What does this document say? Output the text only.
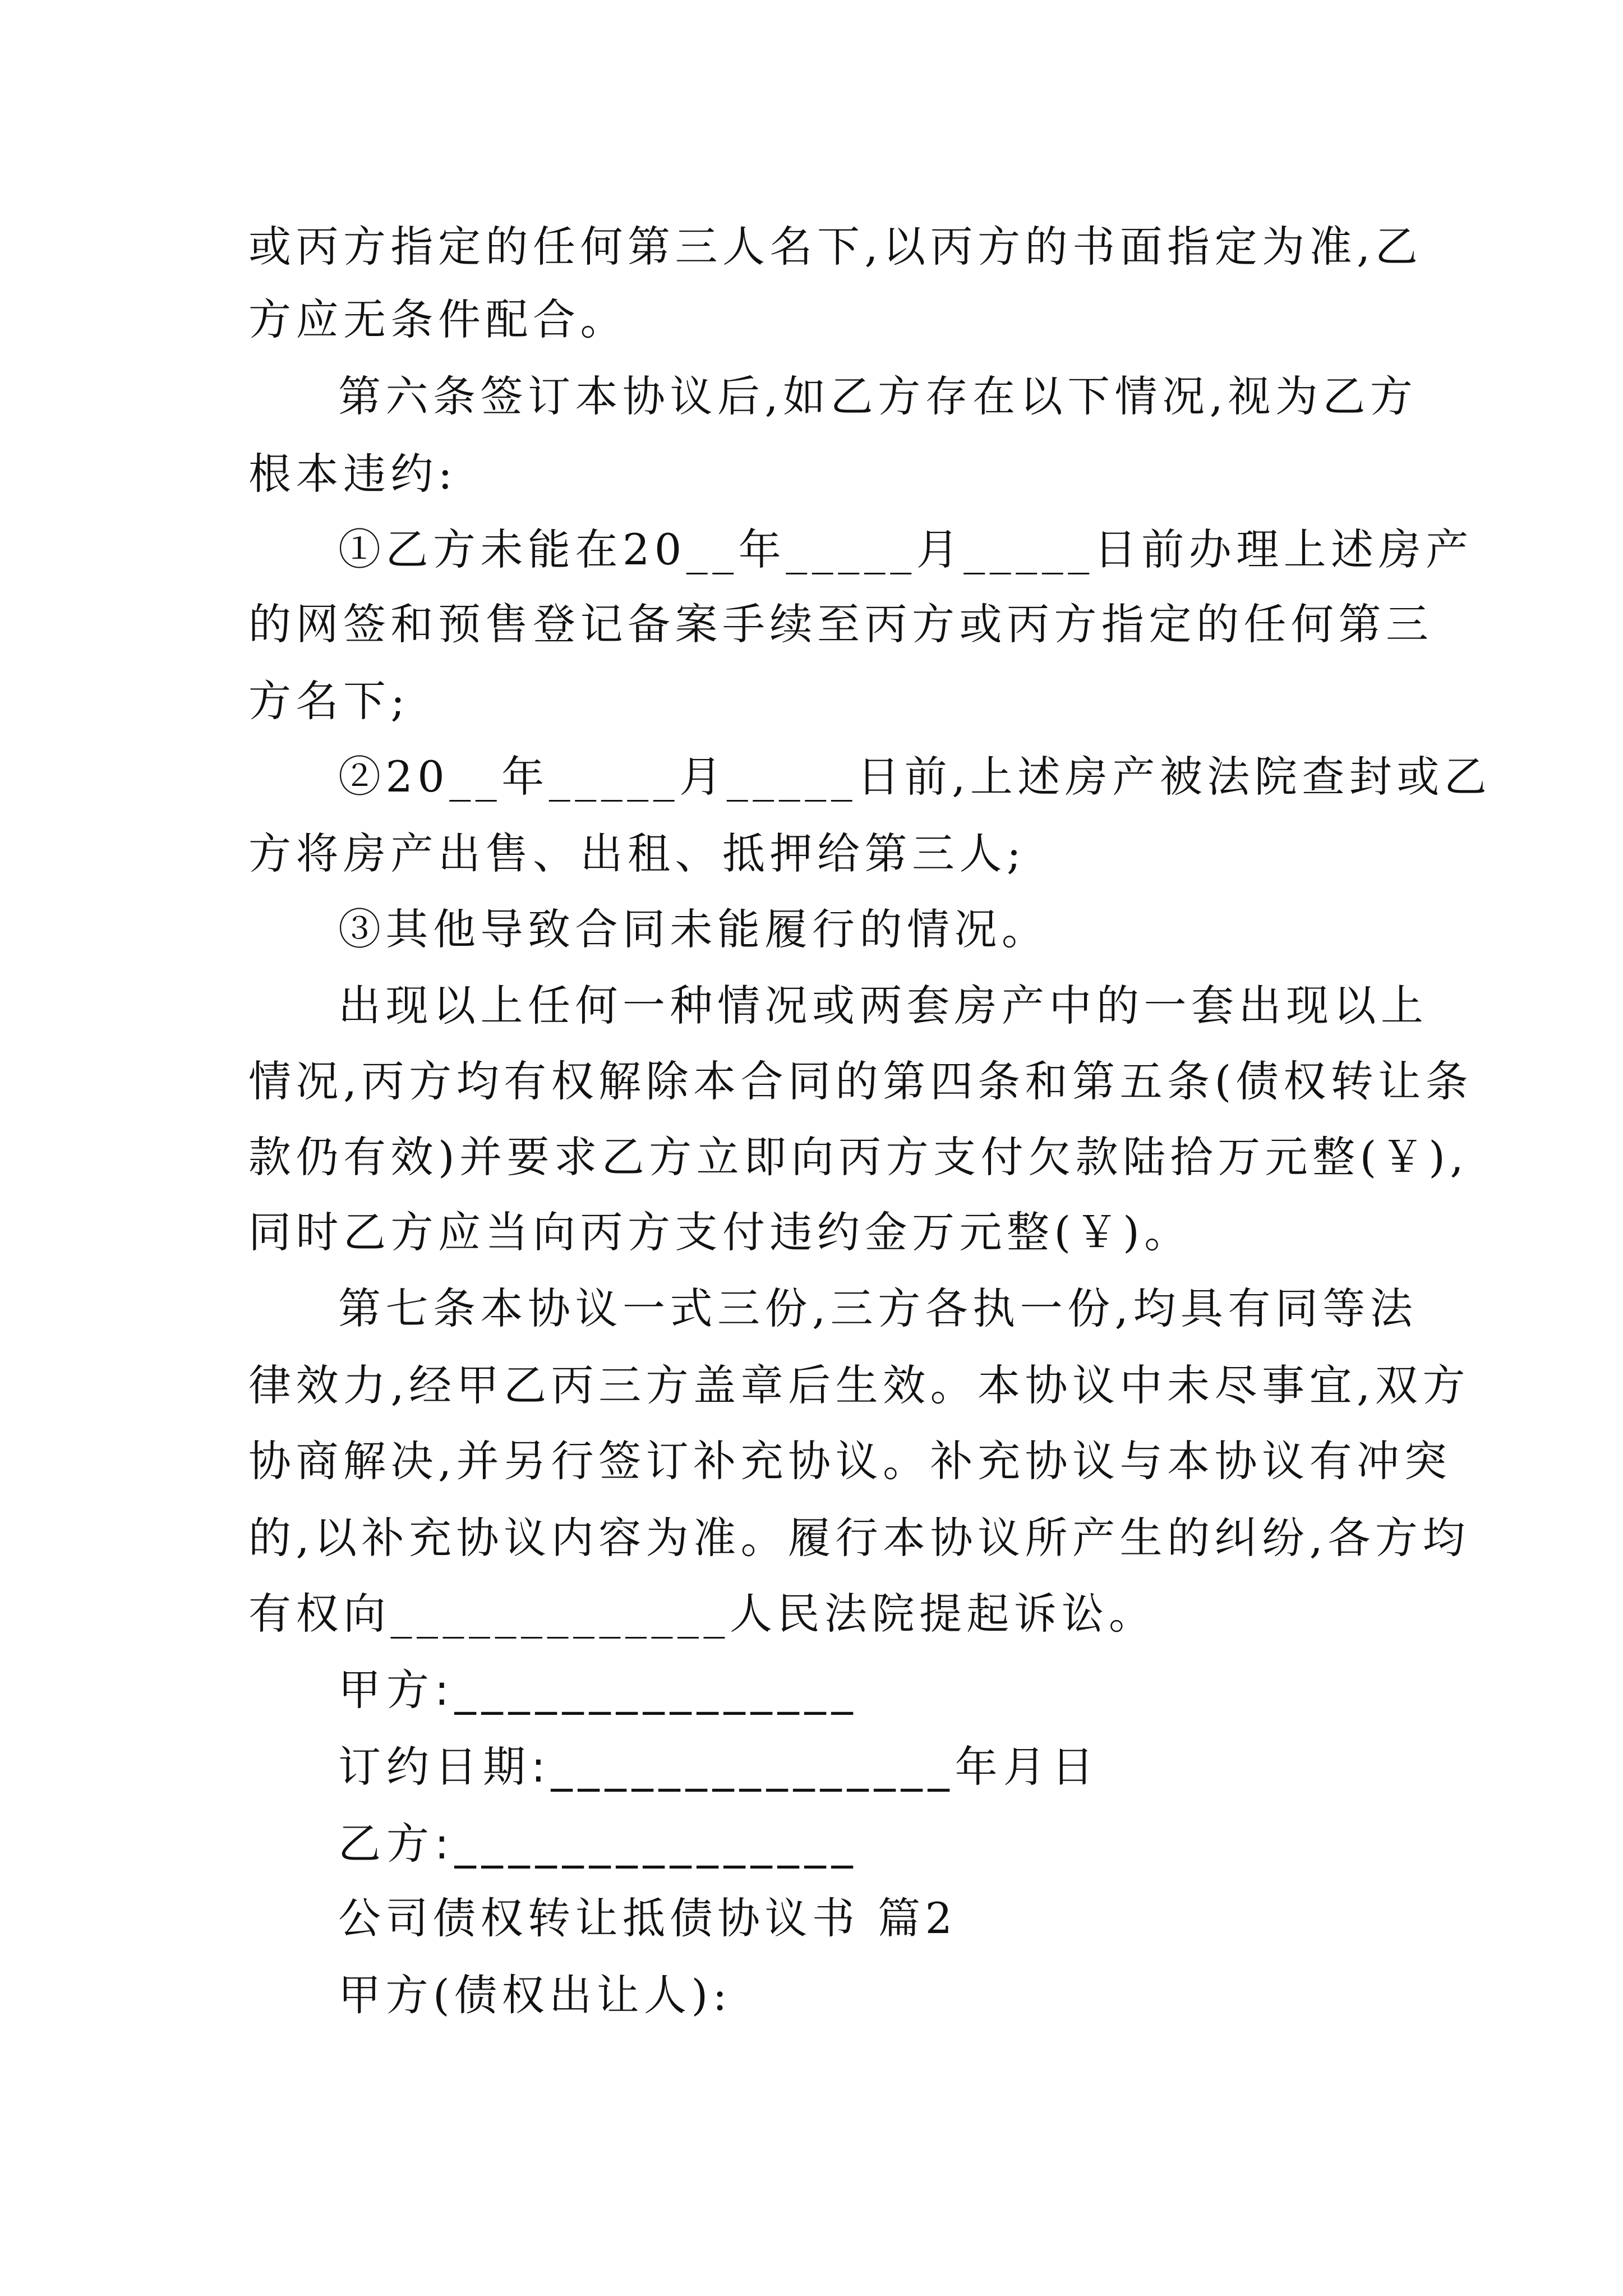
或丙方指定的任何第三人名下,以丙方的书面指定为准,乙
方应无条件配合。
第六条签订本协议后,如乙方存在以下情况,视为乙方
根本违约:
①乙方未能在20__年_____月_____日前办理上述房产
的网签和预售登记备案手续至丙方或丙方指定的任何第三
方名下;
②20__年_____月_____日前,上述房产被法院查封或乙
方将房产出售、出租、抵押给第三人;
③其他导致合同未能履行的情况。
出现以上任何一种情况或两套房产中的一套出现以上
情况,丙方均有权解除本合同的第四条和第五条(债权转让条
款仍有效)并要求乙方立即向丙方支付欠款陆拾万元整(￥),
同时乙方应当向丙方支付违约金万元整(￥)。
第七条本协议一式三份,三方各执一份,均具有同等法
律效力,经甲乙丙三方盖章后生效。本协议中未尽事宜,双方
协商解决,并另行签订补充协议。补充协议与本协议有冲突
的,以补充协议内容为准。履行本协议所产生的纠纷,各方均
有权向_____________人民法院提起诉讼。
甲方:_______________
订约日期:_______________年月日
乙方:_______________
公司债权转让抵债协议书 篇2
甲方(债权出让人):
